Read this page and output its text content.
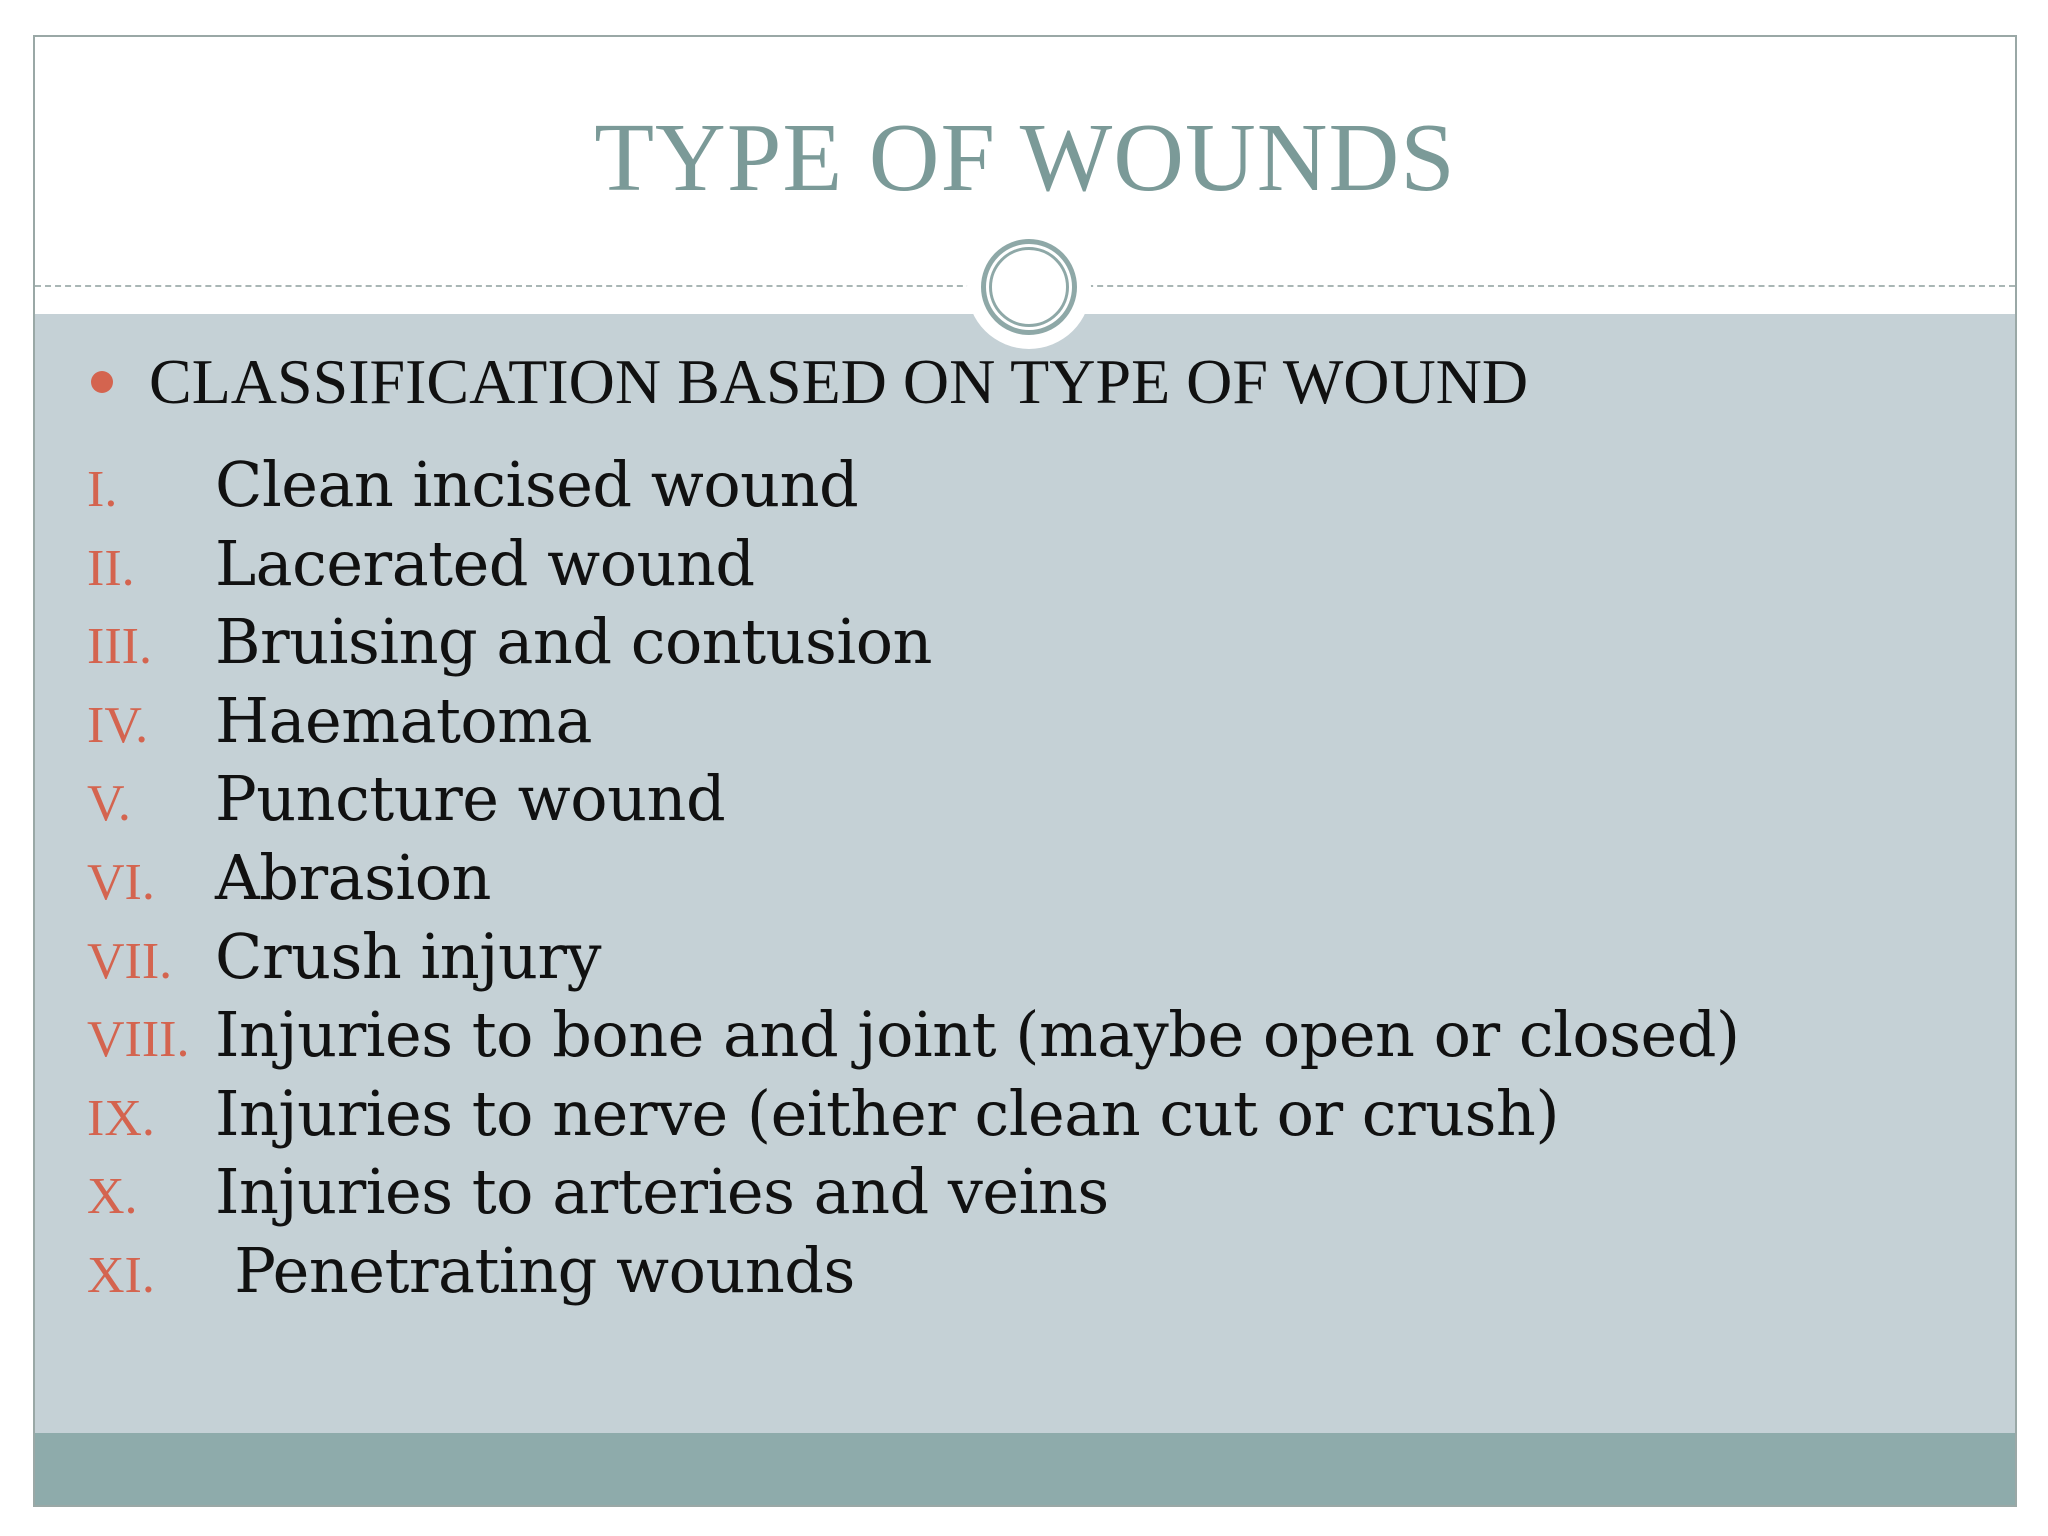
TYPE OF WOUNDS
CLASSIFICATION BASED ON TYPE OF WOUND
I.	Clean incised wound
II.	Lacerated wound
III.	Bruising and contusion
IV.	Haematoma
V.	Puncture wound
VI. Abrasion
VII. Crush injury
VIII. Injuries to bone and joint (maybe open or closed)
IX. Injuries to nerve (either clean cut or crush)
X.	Injuries to arteries and veins
XI. Penetrating wounds
